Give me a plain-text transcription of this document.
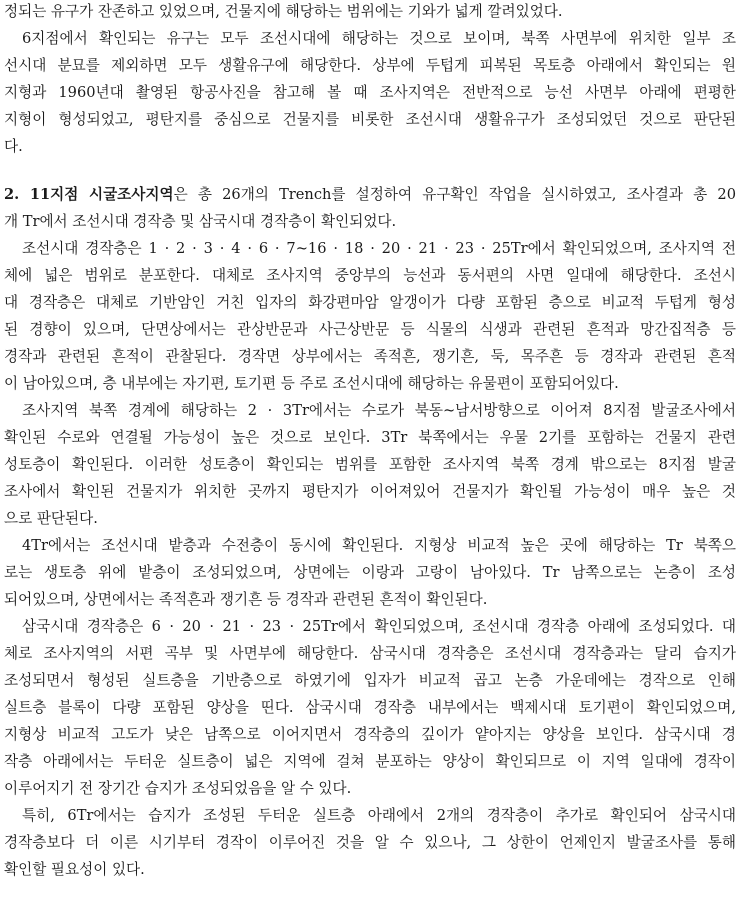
정되는 유구가 잔존하고 있었으며, 건물지에 해당하는 범위에는 기와가 넓게 깔려있었다.
6지점에서 확인되는 유구는 모두 조선시대에 해당하는 것으로 보이며, 북쪽 사면부에 위치한 일부 조
선시대 분묘를 제외하면 모두 생활유구에 해당한다. 상부에 두텁게 피복된 목토층 아래에서 확인되는 원
지형과 1960년대 촬영된 항공사진을 참고해 볼 때 조사지역은 전반적으로 능선 사면부 아래에 편평한
지형이 형성되었고, 평탄지를 중심으로 건물지를 비롯한 조선시대 생활유구가 조성되었던 것으로 판단된
다.
2. 11지점 시굴조사지역은 총 26개의 Trench를 설정하여 유구확인 작업을 실시하였고, 조사결과 총 20
개 Tr에서 조선시대 경작층 및 삼국시대 경작층이 확인되었다.
조선시대 경작층은 1 · 2 · 3 · 4 · 6 · 7~16 · 18 · 20 · 21 · 23 · 25Tr에서 확인되었으며, 조사지역 전
체에 넓은 범위로 분포한다. 대체로 조사지역 중앙부의 능선과 동서편의 사면 일대에 해당한다. 조선시
대 경작층은 대체로 기반암인 거친 입자의 화강편마암 알갱이가 다량 포함된 층으로 비교적 두텁게 형성
된 경향이 있으며, 단면상에서는 관상반문과 사근상반문 등 식물의 식생과 관련된 흔적과 망간집적층 등
경작과 관련된 흔적이 관찰된다. 경작면 상부에서는 족적흔, 쟁기흔, 둑, 목주흔 등 경작과 관련된 흔적
이 남아있으며, 층 내부에는 자기편, 토기편 등 주로 조선시대에 해당하는 유물편이 포함되어있다.
조사지역 북쪽 경계에 해당하는 2 · 3Tr에서는 수로가 북동~남서방향으로 이어져 8지점 발굴조사에서
확인된 수로와 연결될 가능성이 높은 것으로 보인다. 3Tr 북쪽에서는 우물 2기를 포함하는 건물지 관련
성토층이 확인된다. 이러한 성토층이 확인되는 범위를 포함한 조사지역 북쪽 경계 밖으로는 8지점 발굴
조사에서 확인된 건물지가 위치한 곳까지 평탄지가 이어져있어 건물지가 확인될 가능성이 매우 높은 것
으로 판단된다.
4Tr에서는 조선시대 밭층과 수전층이 동시에 확인된다. 지형상 비교적 높은 곳에 해당하는 Tr 북쪽으
로는 생토층 위에 밭층이 조성되었으며, 상면에는 이랑과 고랑이 남아있다. Tr 남쪽으로는 논층이 조성
되어있으며, 상면에서는 족적흔과 쟁기흔 등 경작과 관련된 흔적이 확인된다.
삼국시대 경작층은 6 · 20 · 21 · 23 · 25Tr에서 확인되었으며, 조선시대 경작층 아래에 조성되었다. 대
체로 조사지역의 서편 곡부 및 사면부에 해당한다. 삼국시대 경작층은 조선시대 경작층과는 달리 습지가
조성되면서 형성된 실트층을 기반층으로 하였기에 입자가 비교적 곱고 논층 가운데에는 경작으로 인해
실트층 블록이 다량 포함된 양상을 띤다. 삼국시대 경작층 내부에서는 백제시대 토기편이 확인되었으며,
지형상 비교적 고도가 낮은 남쪽으로 이어지면서 경작층의 깊이가 얕아지는 양상을 보인다. 삼국시대 경
작층 아래에서는 두터운 실트층이 넓은 지역에 걸쳐 분포하는 양상이 확인되므로 이 지역 일대에 경작이
이루어지기 전 장기간 습지가 조성되었음을 알 수 있다.
특히, 6Tr에서는 습지가 조성된 두터운 실트층 아래에서 2개의 경작층이 추가로 확인되어 삼국시대
경작층보다 더 이른 시기부터 경작이 이루어진 것을 알 수 있으나, 그 상한이 언제인지 발굴조사를 통해
확인할 필요성이 있다.
